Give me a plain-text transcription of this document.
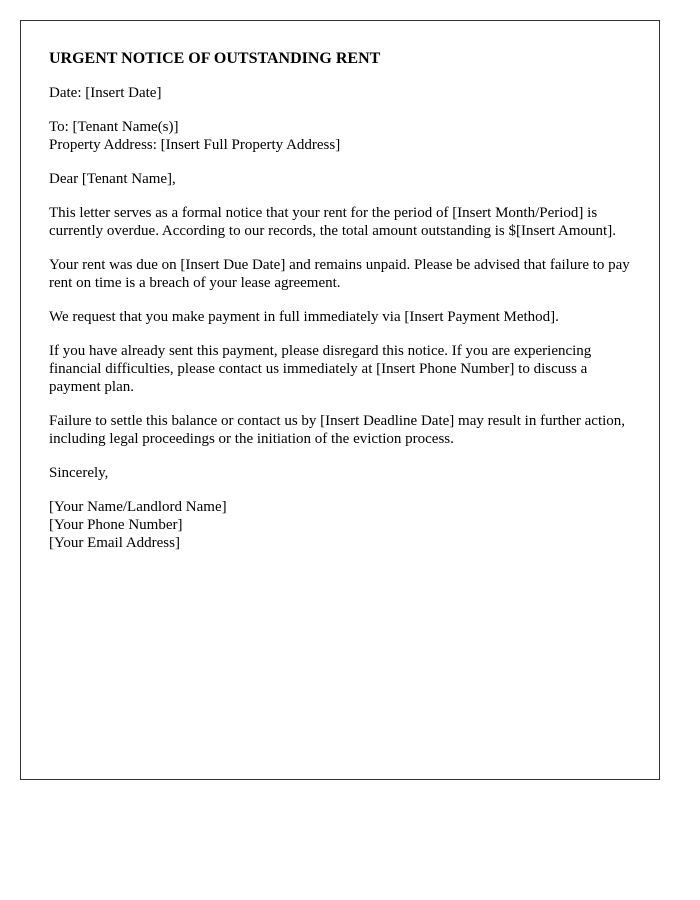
URGENT NOTICE OF OUTSTANDING RENT

Date: [Insert Date]

To: [Tenant Name(s)]
Property Address: [Insert Full Property Address]

Dear [Tenant Name],

This letter serves as a formal notice that your rent for the period of [Insert Month/Period] is currently overdue. According to our records, the total amount outstanding is $[Insert Amount].

Your rent was due on [Insert Due Date] and remains unpaid. Please be advised that failure to pay rent on time is a breach of your lease agreement.

We request that you make payment in full immediately via [Insert Payment Method].

If you have already sent this payment, please disregard this notice. If you are experiencing financial difficulties, please contact us immediately at [Insert Phone Number] to discuss a payment plan.

Failure to settle this balance or contact us by [Insert Deadline Date] may result in further action, including legal proceedings or the initiation of the eviction process.

Sincerely,

[Your Name/Landlord Name]
[Your Phone Number]
[Your Email Address]
